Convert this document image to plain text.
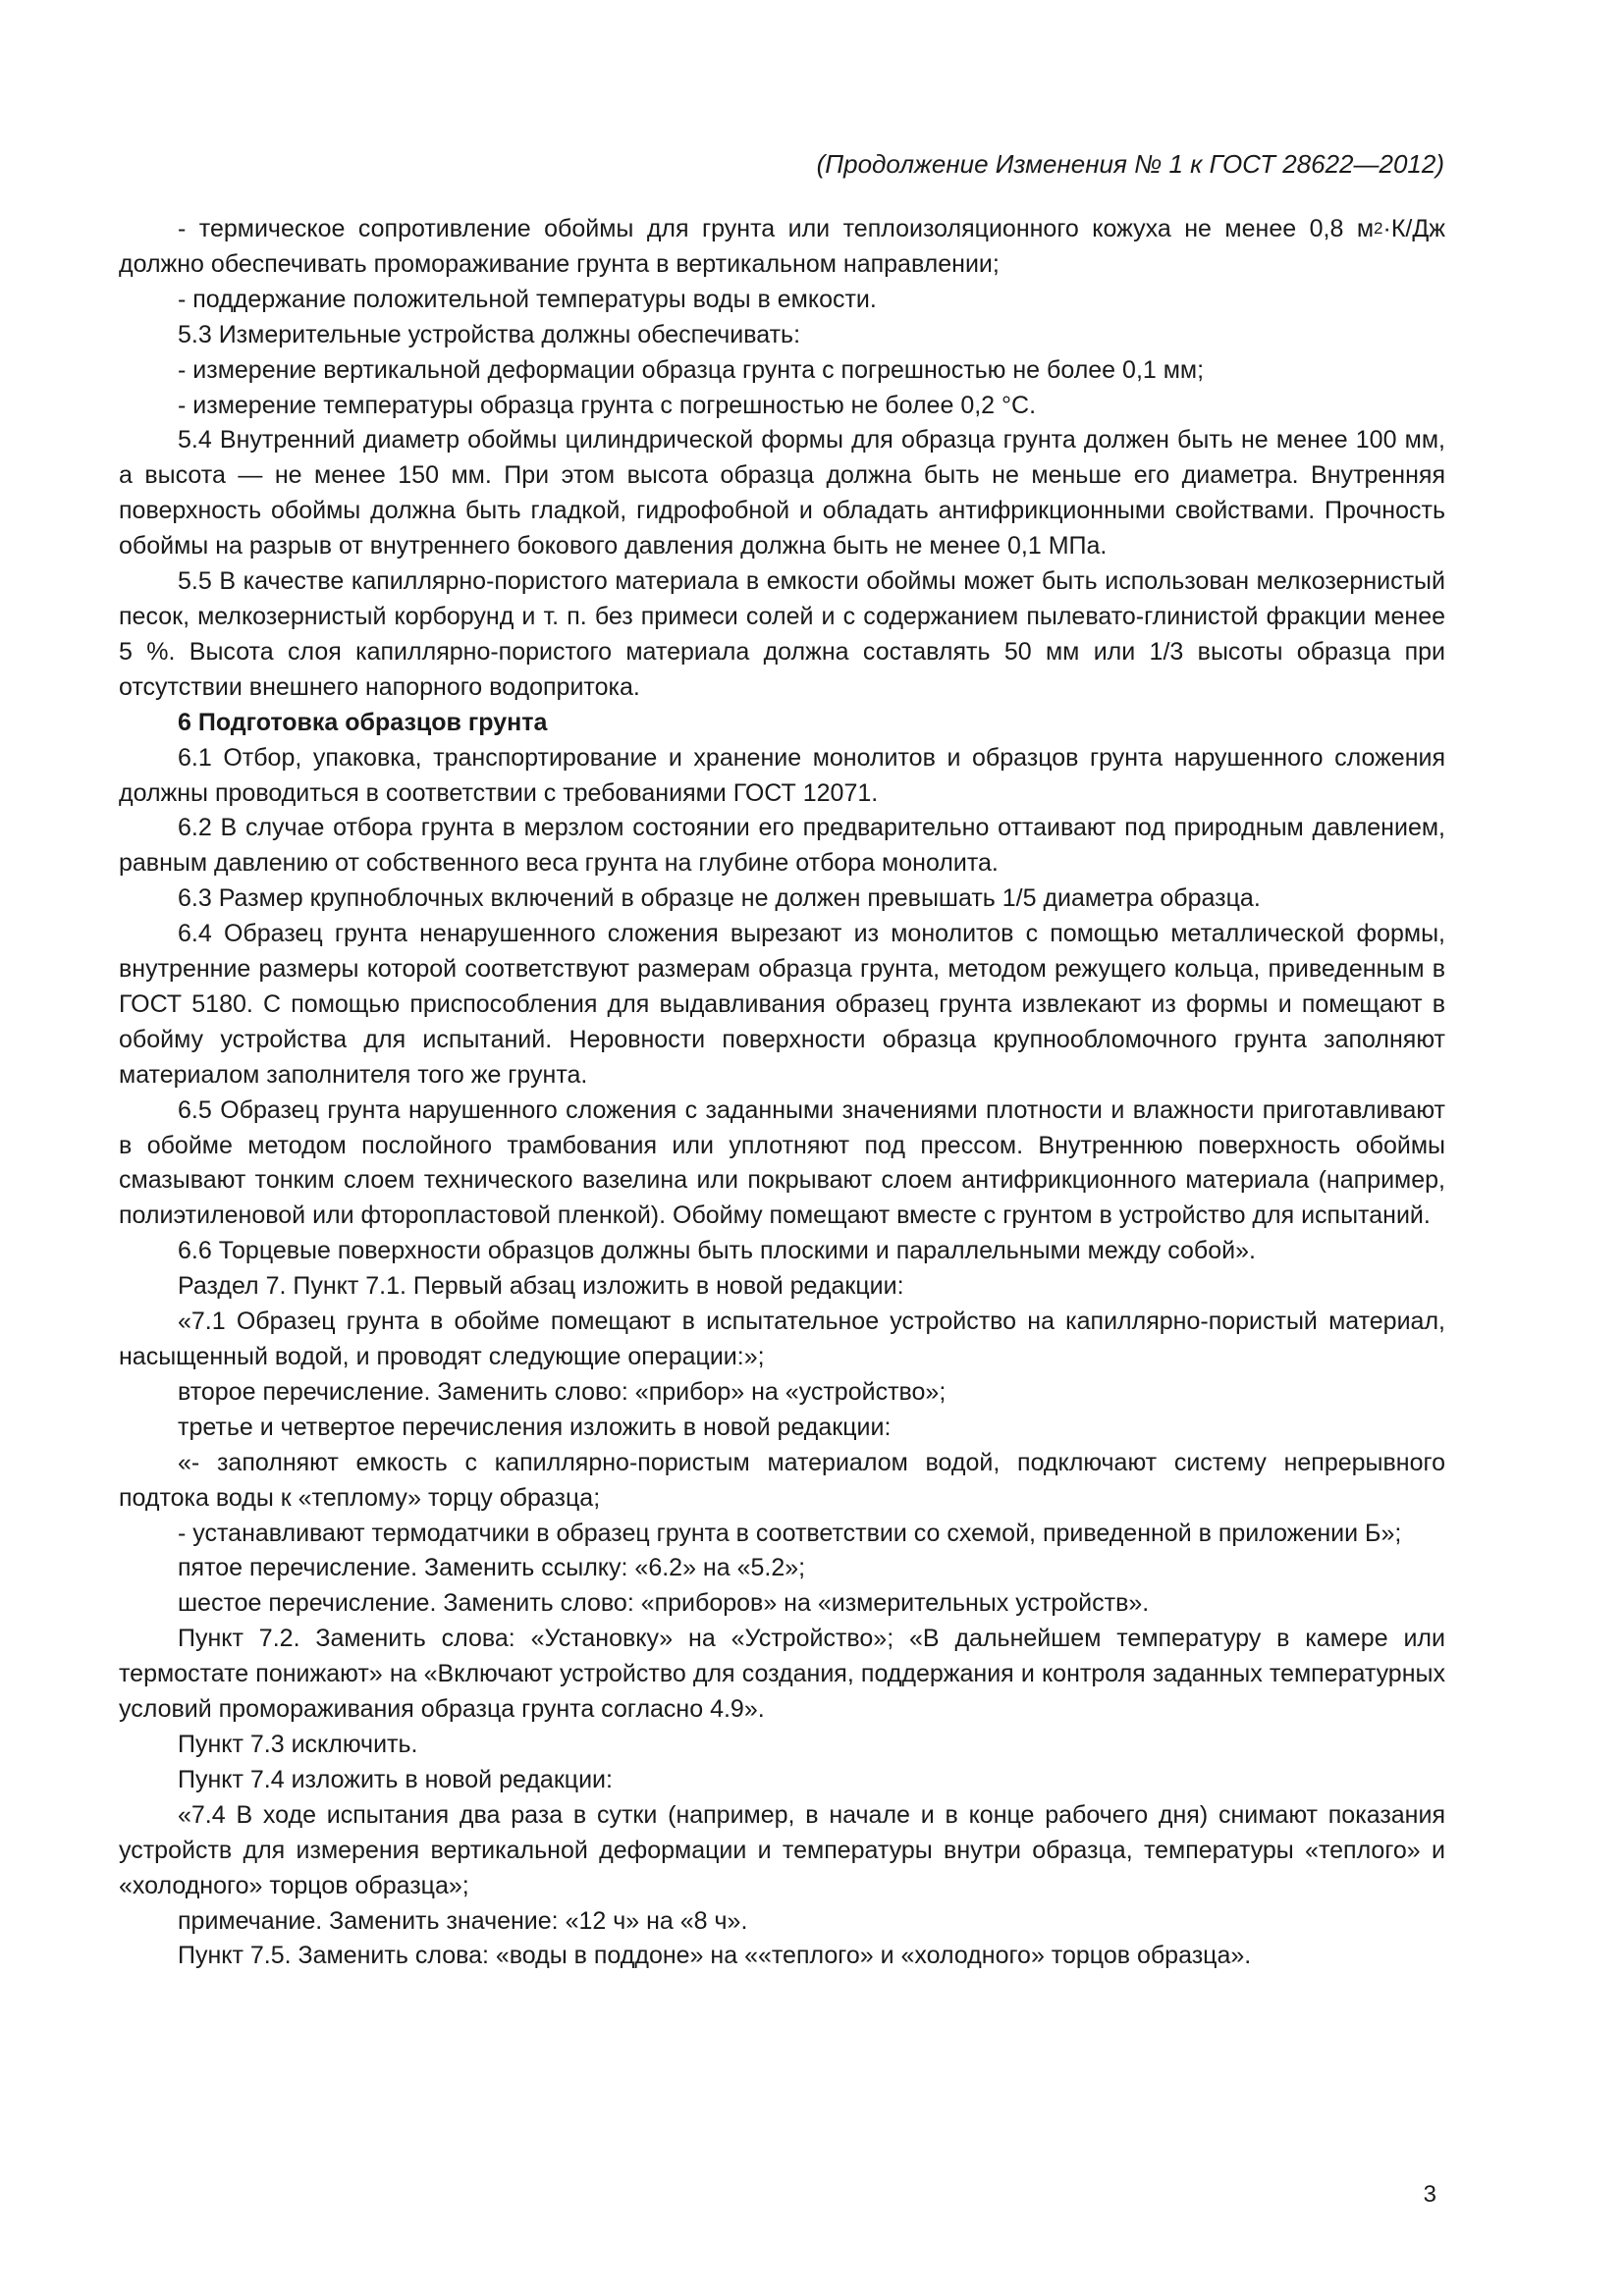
(Продолжение Изменения № 1 к ГОСТ 28622—2012)

- термическое сопротивление обоймы для грунта или теплоизоляционного кожуха не менее 0,8 $м^2\cdot К/Дж$ должно обеспечивать промораживание грунта в вертикальном направлении;

- поддержание положительной температуры воды в емкости.

5.3 Измерительные устройства должны обеспечивать:

- измерение вертикальной деформации образца грунта с погрешностью не более 0,1 мм;

- измерение температуры образца грунта с погрешностью не более 0,2 °С.

5.4 Внутренний диаметр обоймы цилиндрической формы для образца грунта должен быть не менее 100 мм, а высота — не менее 150 мм. При этом высота образца должна быть не меньше его диаметра. Внутренняя поверхность обоймы должна быть гладкой, гидрофобной и обладать антифрикционными свойствами. Прочность обоймы на разрыв от внутреннего бокового давления должна быть не менее 0,1 МПа.

5.5 В качестве капиллярно-пористого материала в емкости обоймы может быть использован мелкозернистый песок, мелкозернистый корборунд и т. п. без примеси солей и с содержанием пылевато-глинистой фракции менее 5 %. Высота слоя капиллярно-пористого материала должна составлять 50 мм или 1/3 высоты образца при отсутствии внешнего напорного водопритока.

6 Подготовка образцов грунта

6.1 Отбор, упаковка, транспортирование и хранение монолитов и образцов грунта нарушенного сложения должны проводиться в соответствии с требованиями ГОСТ 12071.

6.2 В случае отбора грунта в мерзлом состоянии его предварительно оттаивают под природным давлением, равным давлению от собственного веса грунта на глубине отбора монолита.

6.3 Размер крупноблочных включений в образце не должен превышать 1/5 диаметра образца.

6.4 Образец грунта ненарушенного сложения вырезают из монолитов с помощью металлической формы, внутренние размеры которой соответствуют размерам образца грунта, методом режущего кольца, приведенным в ГОСТ 5180. С помощью приспособления для выдавливания образец грунта извлекают из формы и помещают в обойму устройства для испытаний. Неровности поверхности образца крупнообломочного грунта заполняют материалом заполнителя того же грунта.

6.5 Образец грунта нарушенного сложения с заданными значениями плотности и влажности приготавливают в обойме методом послойного трамбования или уплотняют под прессом. Внутреннюю поверхность обоймы смазывают тонким слоем технического вазелина или покрывают слоем антифрикционного материала (например, полиэтиленовой или фторопластовой пленкой). Обойму помещают вместе с грунтом в устройство для испытаний.

6.6 Торцевые поверхности образцов должны быть плоскими и параллельными между собой».

Раздел 7. Пункт 7.1. Первый абзац изложить в новой редакции:

«7.1 Образец грунта в обойме помещают в испытательное устройство на капиллярно-пористый материал, насыщенный водой, и проводят следующие операции:»;

второе перечисление. Заменить слово: «прибор» на «устройство»;

третье и четвертое перечисления изложить в новой редакции:

«- заполняют емкость с капиллярно-пористым материалом водой, подключают систему непрерывного подтока воды к «теплому» торцу образца;

- устанавливают термодатчики в образец грунта в соответствии со схемой, приведенной в приложении Б»;

пятое перечисление. Заменить ссылку: «6.2» на «5.2»;

шестое перечисление. Заменить слово: «приборов» на «измерительных устройств».

Пункт 7.2. Заменить слова: «Установку» на «Устройство»; «В дальнейшем температуру в камере или термостате понижают» на «Включают устройство для создания, поддержания и контроля заданных температурных условий промораживания образца грунта согласно 4.9».

Пункт 7.3 исключить.

Пункт 7.4 изложить в новой редакции:

«7.4 В ходе испытания два раза в сутки (например, в начале и в конце рабочего дня) снимают показания устройств для измерения вертикальной деформации и температуры внутри образца, температуры «теплого» и «холодного» торцов образца»;

примечание. Заменить значение: «12 ч» на «8 ч».

Пункт 7.5. Заменить слова: «воды в поддоне» на ««теплого» и «холодного» торцов образца».

3
